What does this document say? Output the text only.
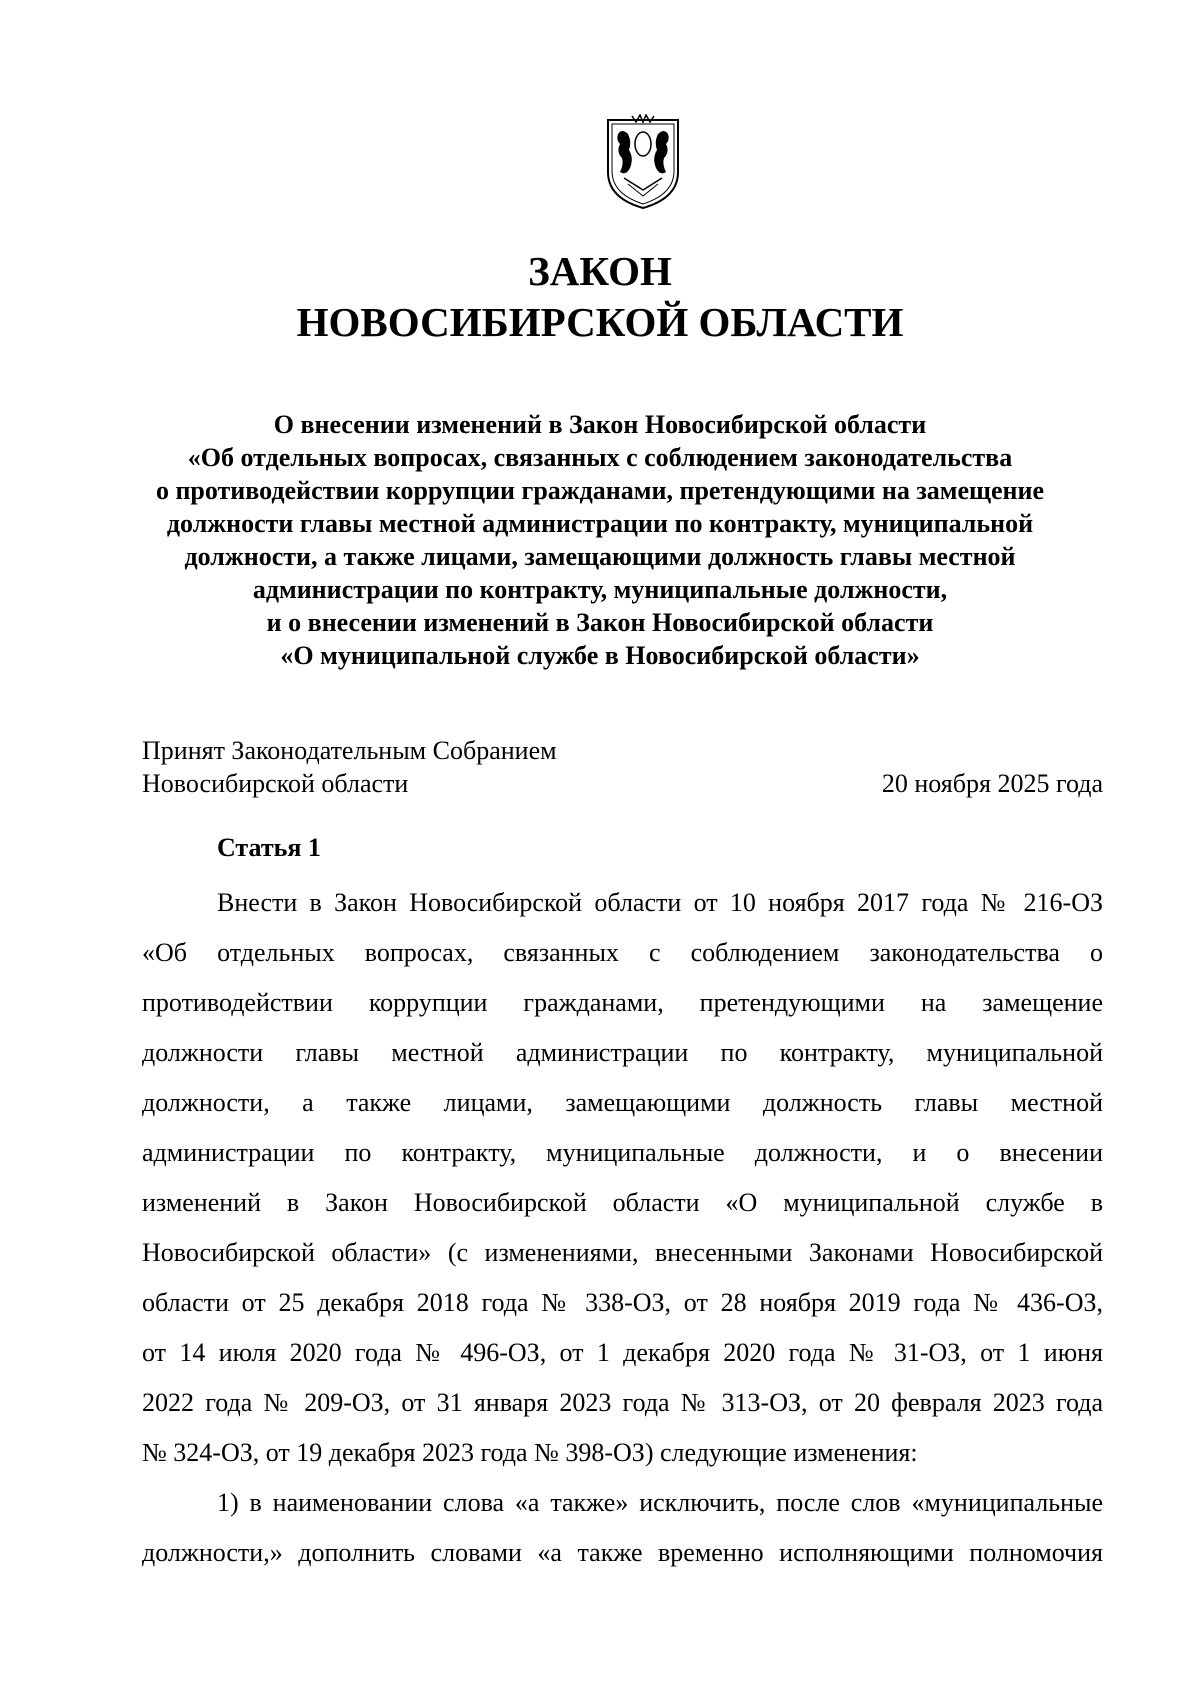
ЗАКОН
НОВОСИБИРСКОЙ ОБЛАСТИ
О внесении изменений в Закон Новосибирской области
«Об отдельных вопросах, связанных с соблюдением законодательства
о противодействии коррупции гражданами, претендующими на замещение
должности главы местной администрации по контракту, муниципальной
должности, а также лицами, замещающими должность главы местной
администрации по контракту, муниципальные должности,
и о внесении изменений в Закон Новосибирской области
«О муниципальной службе в Новосибирской области»
Принят Законодательным Собранием
Новосибирской области	20 ноября 2025 года
Статья 1
Внести в Закон Новосибирской области от 10 ноября 2017 года № 216-ОЗ
«Об отдельных вопросах, связанных с соблюдением законодательства о
противодействии коррупции гражданами, претендующими на замещение
должности главы местной администрации по контракту, муниципальной
должности, а также лицами, замещающими должность главы местной
администрации по контракту, муниципальные должности, и о внесении
изменений в Закон Новосибирской области «О муниципальной службе в
Новосибирской области» (с изменениями, внесенными Законами Новосибирской
области от 25 декабря 2018 года № 338-ОЗ, от 28 ноября 2019 года № 436-ОЗ,
от 14 июля 2020 года № 496-ОЗ, от 1 декабря 2020 года № 31-ОЗ, от 1 июня
2022 года № 209-ОЗ, от 31 января 2023 года № 313-ОЗ, от 20 февраля 2023 года
№ 324-ОЗ, от 19 декабря 2023 года № 398-ОЗ) следующие изменения:
1) в наименовании слова «а также» исключить, после слов «муниципальные
должности,» дополнить словами «а также временно исполняющими полномочия
